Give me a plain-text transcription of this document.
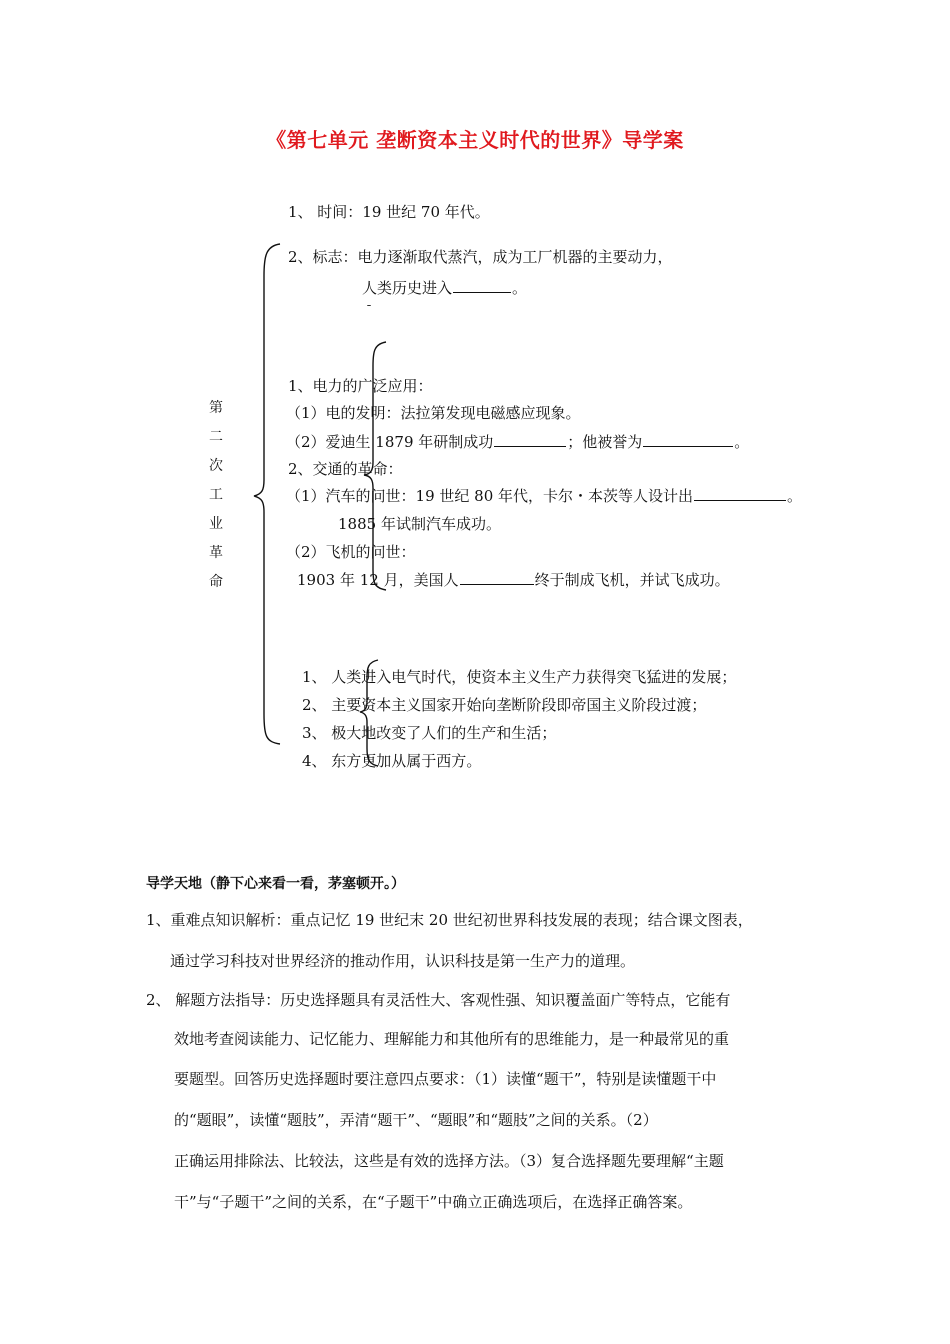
《第七单元 垄断资本主义时代的世界》导学案
第
二
次
工
业
革
命
1、 时间：19 世纪 70 年代。
2、标志：电力逐渐取代蒸汽，成为工厂机器的主要动力，
人类历史进入	。
¯
1、电力的广泛应用：
（1）电的发明：法拉第发现电磁感应现象。
（2）爱迪生 1879 年研制成功	；他被誉为	。
2、交通的革命：
（1）汽车的问世：19 世纪 80 年代，卡尔・本茨等人设计出	。
1885 年试制汽车成功。
（2）飞机的问世：
1903 年 12 月，美国人	终于制成飞机，并试飞成功。
1、 人类进入电气时代，使资本主义生产力获得突飞猛进的发展；
2、 主要资本主义国家开始向垄断阶段即帝国主义阶段过渡；
3、 极大地改变了人们的生产和生活；
4、 东方更加从属于西方。
导学天地（静下心来看一看，茅塞顿开。）
1、重难点知识解析：重点记忆 19 世纪末 20 世纪初世界科技发展的表现；结合课文图表，
通过学习科技对世界经济的推动作用，认识科技是第一生产力的道理。
2、 解题方法指导：历史选择题具有灵活性大、客观性强、知识覆盖面广等特点，它能有
效地考查阅读能力、记忆能力、理解能力和其他所有的思维能力，是一种最常见的重
要题型。回答历史选择题时要注意四点要求：（1）读懂“题干”，特别是读懂题干中
的“题眼”，读懂“题肢”，弄清“题干”、“题眼”和“题肢”之间的关系。（2）
正确运用排除法、比较法，这些是有效的选择方法。（3）复合选择题先要理解“主题
干”与“子题干”之间的关系，在“子题干”中确立正确选项后，在选择正确答案。
